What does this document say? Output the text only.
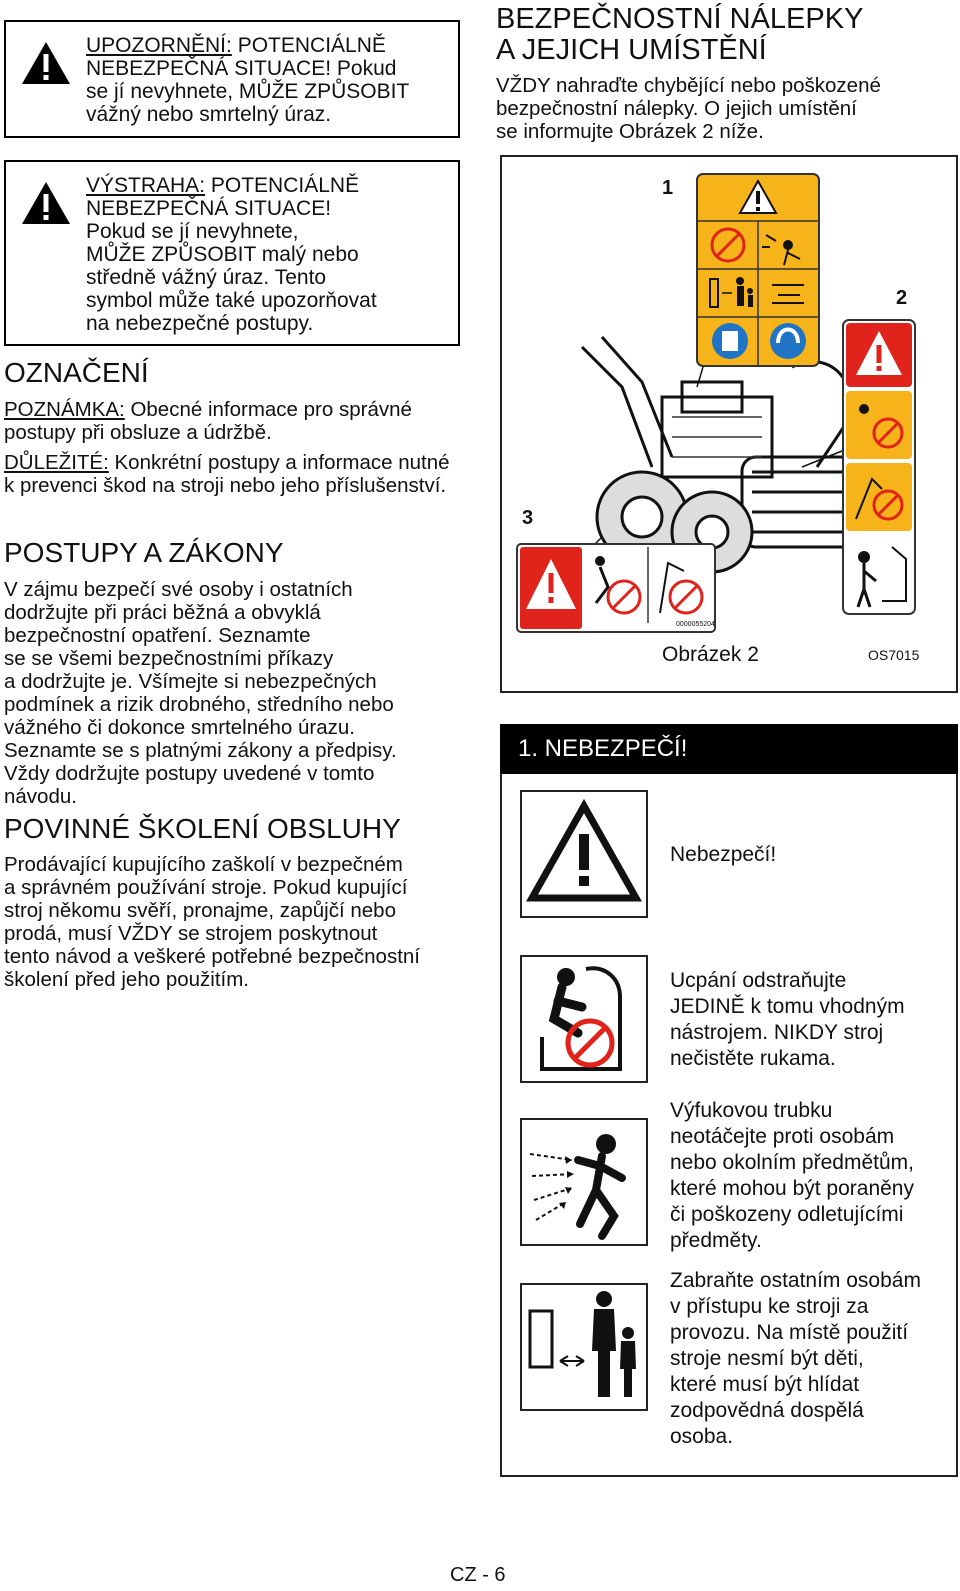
UPOZORNĚNÍ: POTENCIÁLNĚ
NEBEZPEČNÁ SITUACE! Pokud
se jí nevyhnete, MŮŽE ZPŮSOBIT
vážný nebo smrtelný úraz.
VÝSTRAHA: POTENCIÁLNĚ
NEBEZPEČNÁ SITUACE!
Pokud se jí nevyhnete,
MŮŽE ZPŮSOBIT malý nebo
středně vážný úraz. Tento
symbol může také upozorňovat
na nebezpečné postupy.
OZNAČENÍ

POZNÁMKA: Obecné informace pro správné postupy při obsluze a údržbě.

DŮLEŽITÉ: Konkrétní postupy a informace nutné k prevenci škod na stroji nebo jeho příslušenství.

POSTUPY A ZÁKONY
V zájmu bezpečí své osoby i ostatních
dodržujte při práci běžná a obvyklá
bezpečnostní opatření. Seznamte
se se všemi bezpečnostními příkazy
a dodržujte je. Všímejte si nebezpečných
podmínek a rizik drobného, středního nebo
vážného či dokonce smrtelného úrazu.
Seznamte se s platnými zákony a předpisy.
Vždy dodržujte postupy uvedené v tomto
návodu.
POVINNÉ ŠKOLENÍ OBSLUHY
Prodávající kupujícího zaškolí v bezpečném
a správném používání stroje. Pokud kupující
stroj někomu svěří, pronajme, zapůjčí nebo
prodá, musí VŽDY se strojem poskytnout
tento návod a veškeré potřebné bezpečnostní
školení před jeho použitím.
BEZPEČNOSTNÍ NÁLEPKY
A JEJICH UMÍSTĚNÍ
VŽDY nahraďte chybějící nebo poškozené
bezpečnostní nálepky. O jejich umístění
se informujte Obrázek 2 níže.
1
2
3
0000055204
Obrázek 2	OS7015
1. NEBEZPEČÍ!
Nebezpečí!
Ucpání odstraňujte
JEDINĚ k tomu vhodným
nástrojem. NIKDY stroj
nečistěte rukama.
Výfukovou trubku
neotáčejte proti osobám
nebo okolním předmětům,
které mohou být poraněny
či poškozeny odletujícími
předměty.
Zabraňte ostatním osobám
v přístupu ke stroji za
provozu. Na místě použití
stroje nesmí být děti,
které musí být hlídat
zodpovědná dospělá
osoba.
CZ - 6
